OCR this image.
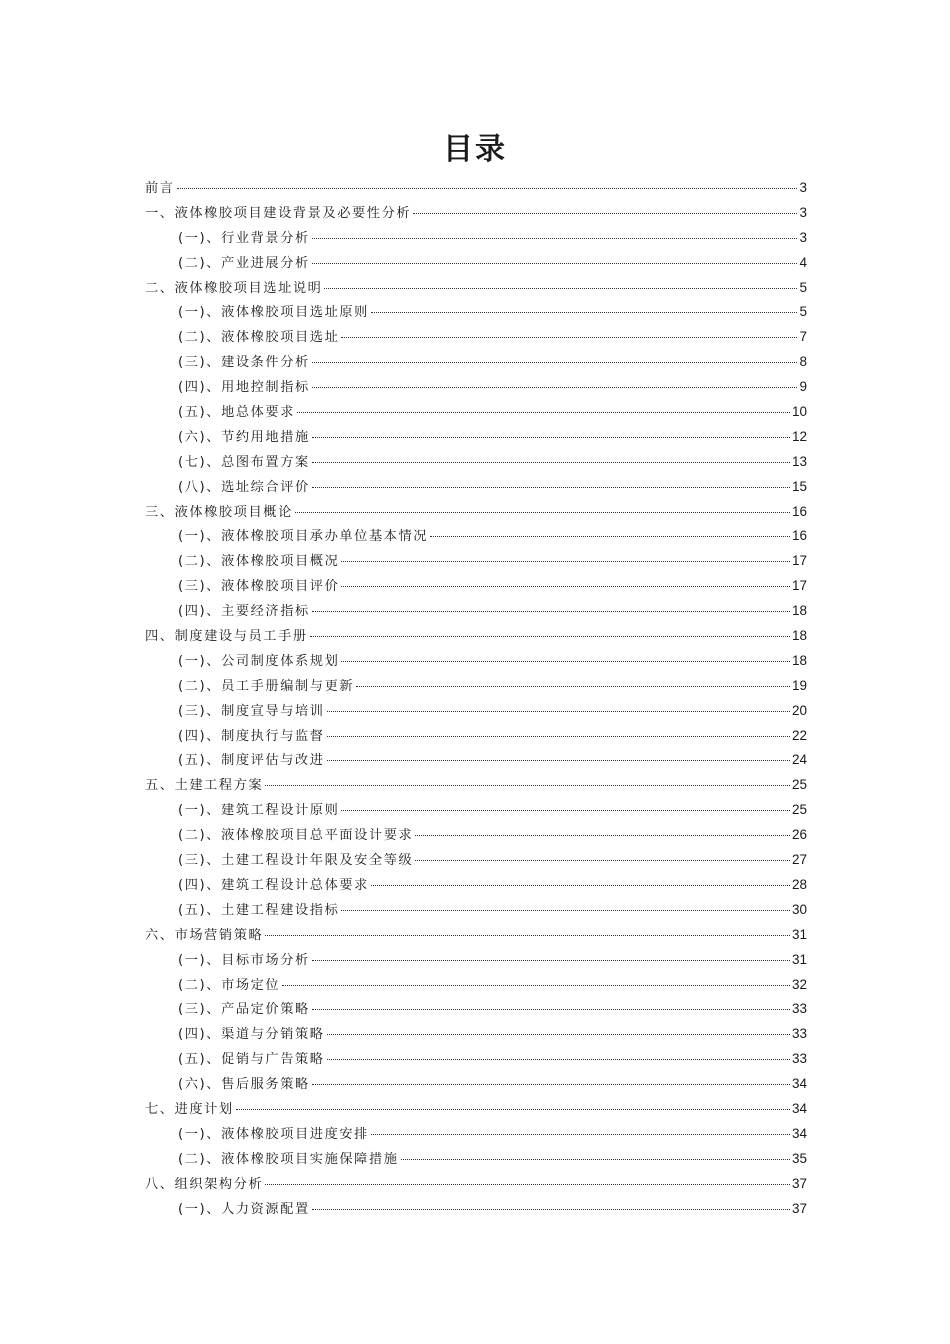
目录
前言	3
一、液体橡胶项目建设背景及必要性分析	3
(一)、行业背景分析	3
(二)、产业进展分析	4
二、液体橡胶项目选址说明	5
(一)、液体橡胶项目选址原则	5
(二)、液体橡胶项目选址	7
(三)、建设条件分析	8
(四)、用地控制指标	9
(五)、地总体要求	10
(六)、节约用地措施	12
(七)、总图布置方案	13
(八)、选址综合评价	15
三、液体橡胶项目概论	16
(一)、液体橡胶项目承办单位基本情况	16
(二)、液体橡胶项目概况	17
(三)、液体橡胶项目评价	17
(四)、主要经济指标	18
四、制度建设与员工手册	18
(一)、公司制度体系规划	18
(二)、员工手册编制与更新	19
(三)、制度宣导与培训	20
(四)、制度执行与监督	22
(五)、制度评估与改进	24
五、土建工程方案	25
(一)、建筑工程设计原则	25
(二)、液体橡胶项目总平面设计要求	26
(三)、土建工程设计年限及安全等级	27
(四)、建筑工程设计总体要求	28
(五)、土建工程建设指标	30
六、市场营销策略	31
(一)、目标市场分析	31
(二)、市场定位	32
(三)、产品定价策略	33
(四)、渠道与分销策略	33
(五)、促销与广告策略	33
(六)、售后服务策略	34
七、进度计划	34
(一)、液体橡胶项目进度安排	34
(二)、液体橡胶项目实施保障措施	35
八、组织架构分析	37
(一)、人力资源配置	37
